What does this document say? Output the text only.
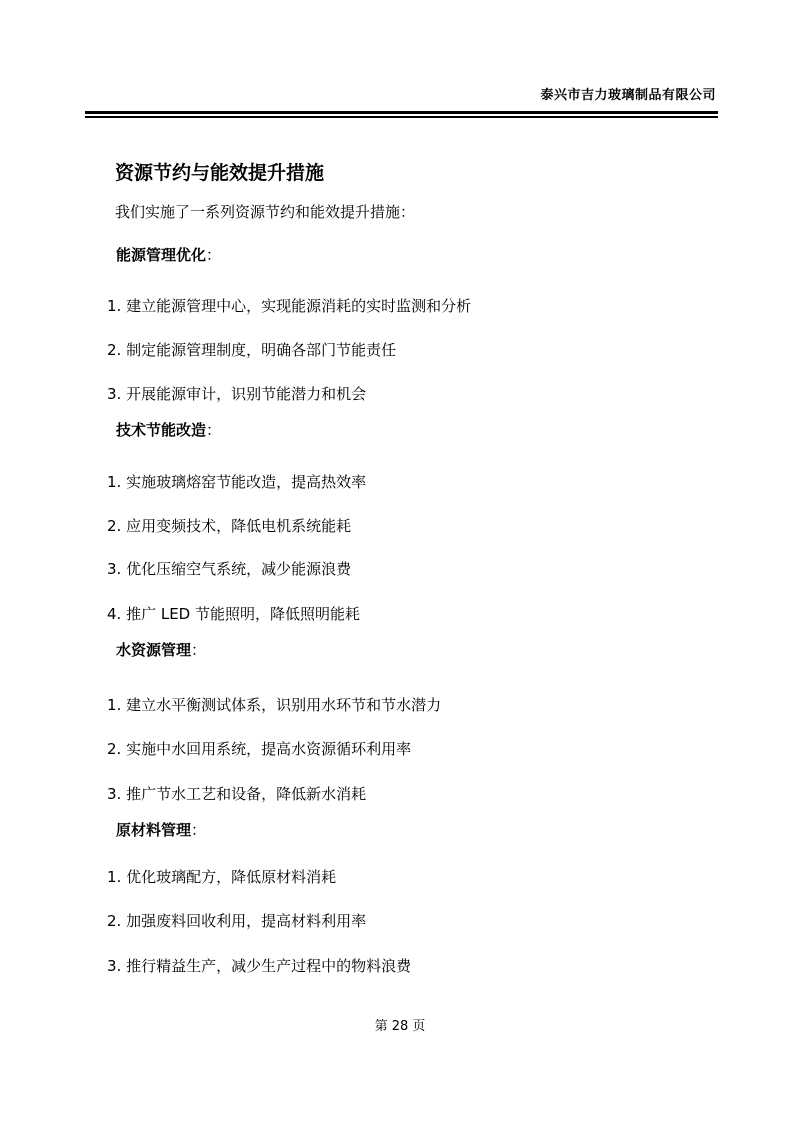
泰兴市吉力玻璃制品有限公司
资源节约与能效提升措施

我们实施了一系列资源节约和能效提升措施：

能源管理优化：

1. 建立能源管理中心，实现能源消耗的实时监测和分析

2. 制定能源管理制度，明确各部门节能责任

3. 开展能源审计，识别节能潜力和机会

技术节能改造：

1. 实施玻璃熔窑节能改造，提高热效率

2. 应用变频技术，降低电机系统能耗

3. 优化压缩空气系统，减少能源浪费

4. 推广 LED 节能照明，降低照明能耗

水资源管理：

1. 建立水平衡测试体系，识别用水环节和节水潜力

2. 实施中水回用系统，提高水资源循环利用率

3. 推广节水工艺和设备，降低新水消耗

原材料管理：

1. 优化玻璃配方，降低原材料消耗

2. 加强废料回收利用，提高材料利用率

3. 推行精益生产，减少生产过程中的物料浪费

第 28 页
